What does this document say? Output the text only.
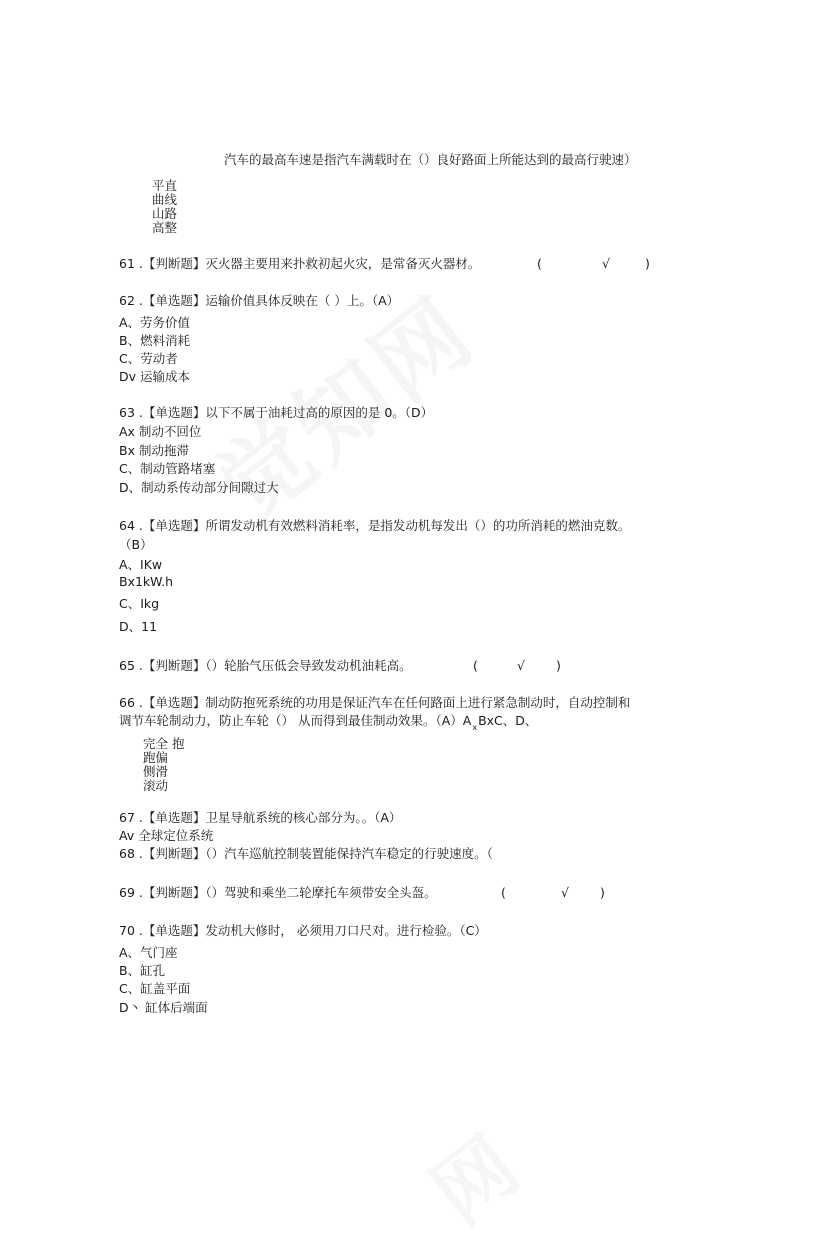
汽车的最高车速是指汽车满载时在（）良好路面上所能达到的最高行驶速）
平直
曲线
山路
高整
61 .【判断题】灭火器主要用来扑救初起火灾，是常备灭火器材。	(	√	)
62 .【单选题】运输价值具体反映在（ ）上。（A）
A、劳务价值
B、燃料消耗
C、劳动者
Dv 运输成本
63 .【单选题】以下不属于油耗过高的原因的是 0。（D）
Ax 制动不回位
Bx 制动拖滞
C、制动管路堵塞
D、制动系传动部分间隙过大
64 .【单选题】所谓发动机有效燃料消耗率，是指发动机每发出（）的功所消耗的燃油克数。
（B）
A、IKw
Bx1kW.h
C、Ikg
D、11
65 .【判断题】（）轮胎气压低会导致发动机油耗高。	(	√ )
66 .【单选题】制动防抱死系统的功用是保证汽车在任何路面上进行紧急制动时，自动控制和
调节车轮制动力，防止车轮（） 从而得到最佳制动效果。$(A)A_xBxC$、D、
完全 抱
跑偏
侧滑
滚动
67 .【单选题】卫星导航系统的核心部分为。。（A）
Av 全球定位系统
68 .【判断题】（）汽车巡航控制装置能保持汽车稳定的行驶速度。（
69 .【判断题】（）驾驶和乘坐二轮摩托车须带安全头盔。	(	√ )
70 .【单选题】发动机大修时， 必须用刀口尺对。进行检验。（C）
A、气门座
B、缸孔
C、缸盖平面
D丶 缸体后端面
